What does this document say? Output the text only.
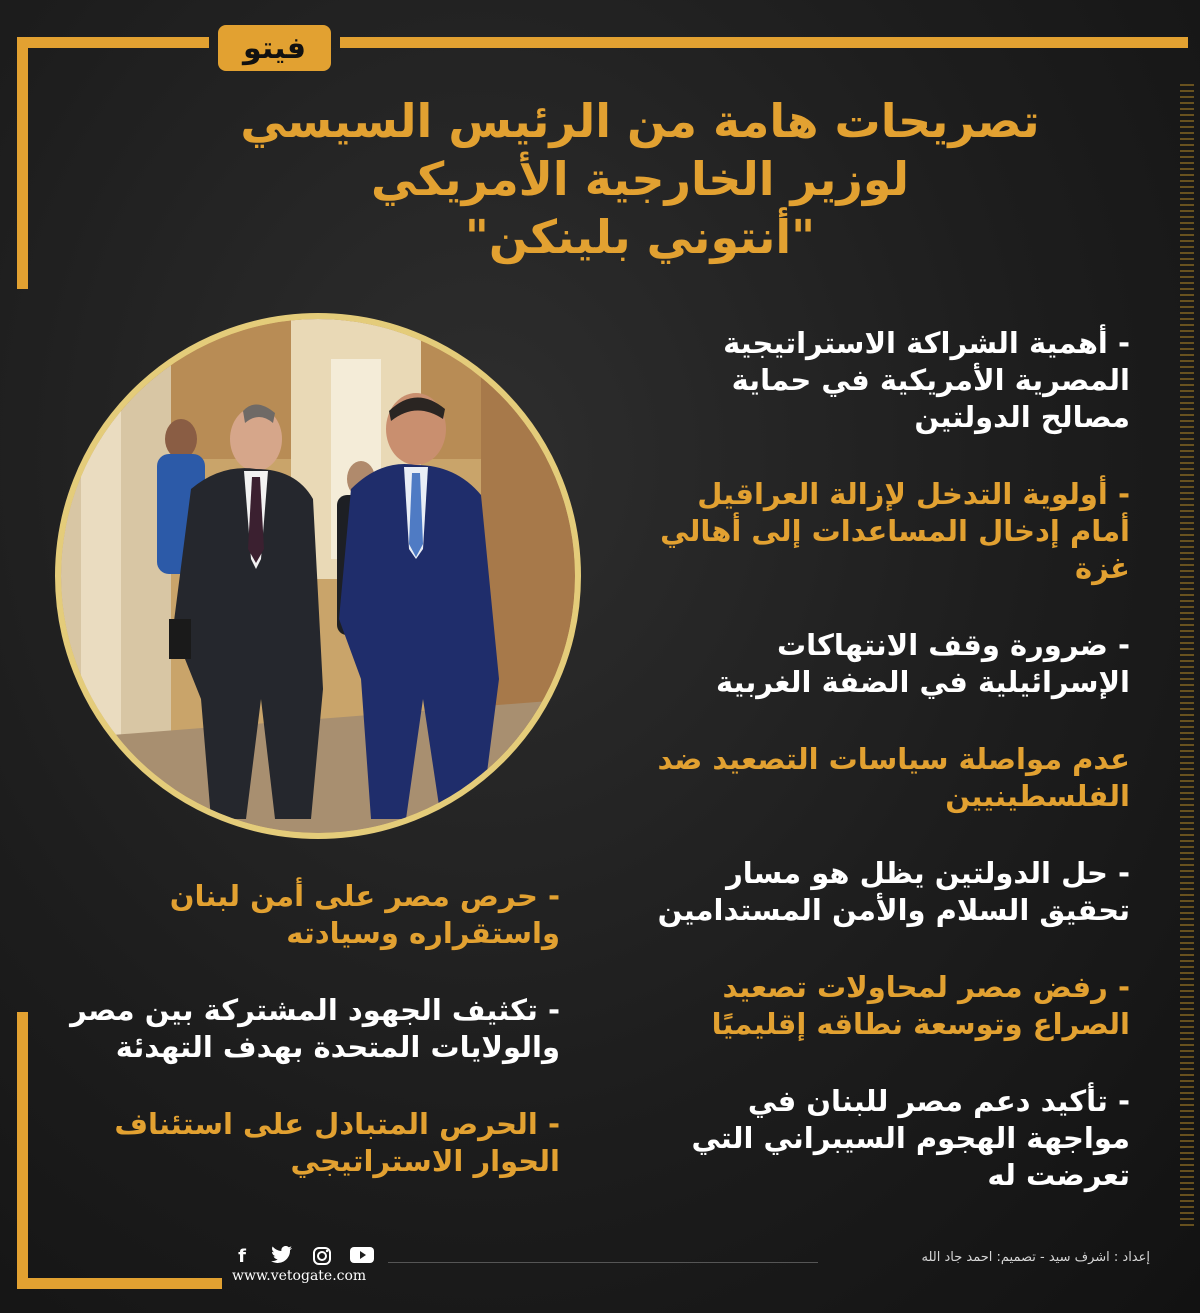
فيتو
تصريحات هامة من الرئيس السيسي
لوزير الخارجية الأمريكي
"أنتوني بلينكن"

- أهمية الشراكة الاستراتيجية المصرية الأمريكية في حماية مصالح الدولتين

- أولوية التدخل لإزالة العراقيل أمام إدخال المساعدات إلى أهالي غزة

- ضرورة وقف الانتهاكات الإسرائيلية في الضفة الغربية

عدم مواصلة سياسات التصعيد ضد الفلسطينيين

- حل الدولتين يظل هو مسار تحقيق السلام والأمن المستدامين

- رفض مصر لمحاولات تصعيد الصراع وتوسعة نطاقه إقليميًا

- تأكيد دعم مصر للبنان في مواجهة الهجوم السيبراني التي تعرضت له

- حرص مصر على أمن لبنان واستقراره وسيادته

- تكثيف الجهود المشتركة بين مصر والولايات المتحدة بهدف التهدئة

- الحرص المتبادل على استئناف الحوار الاستراتيجي

f
www.vetogate.com
إعداد : اشرف سيد - تصميم: احمد جاد الله
